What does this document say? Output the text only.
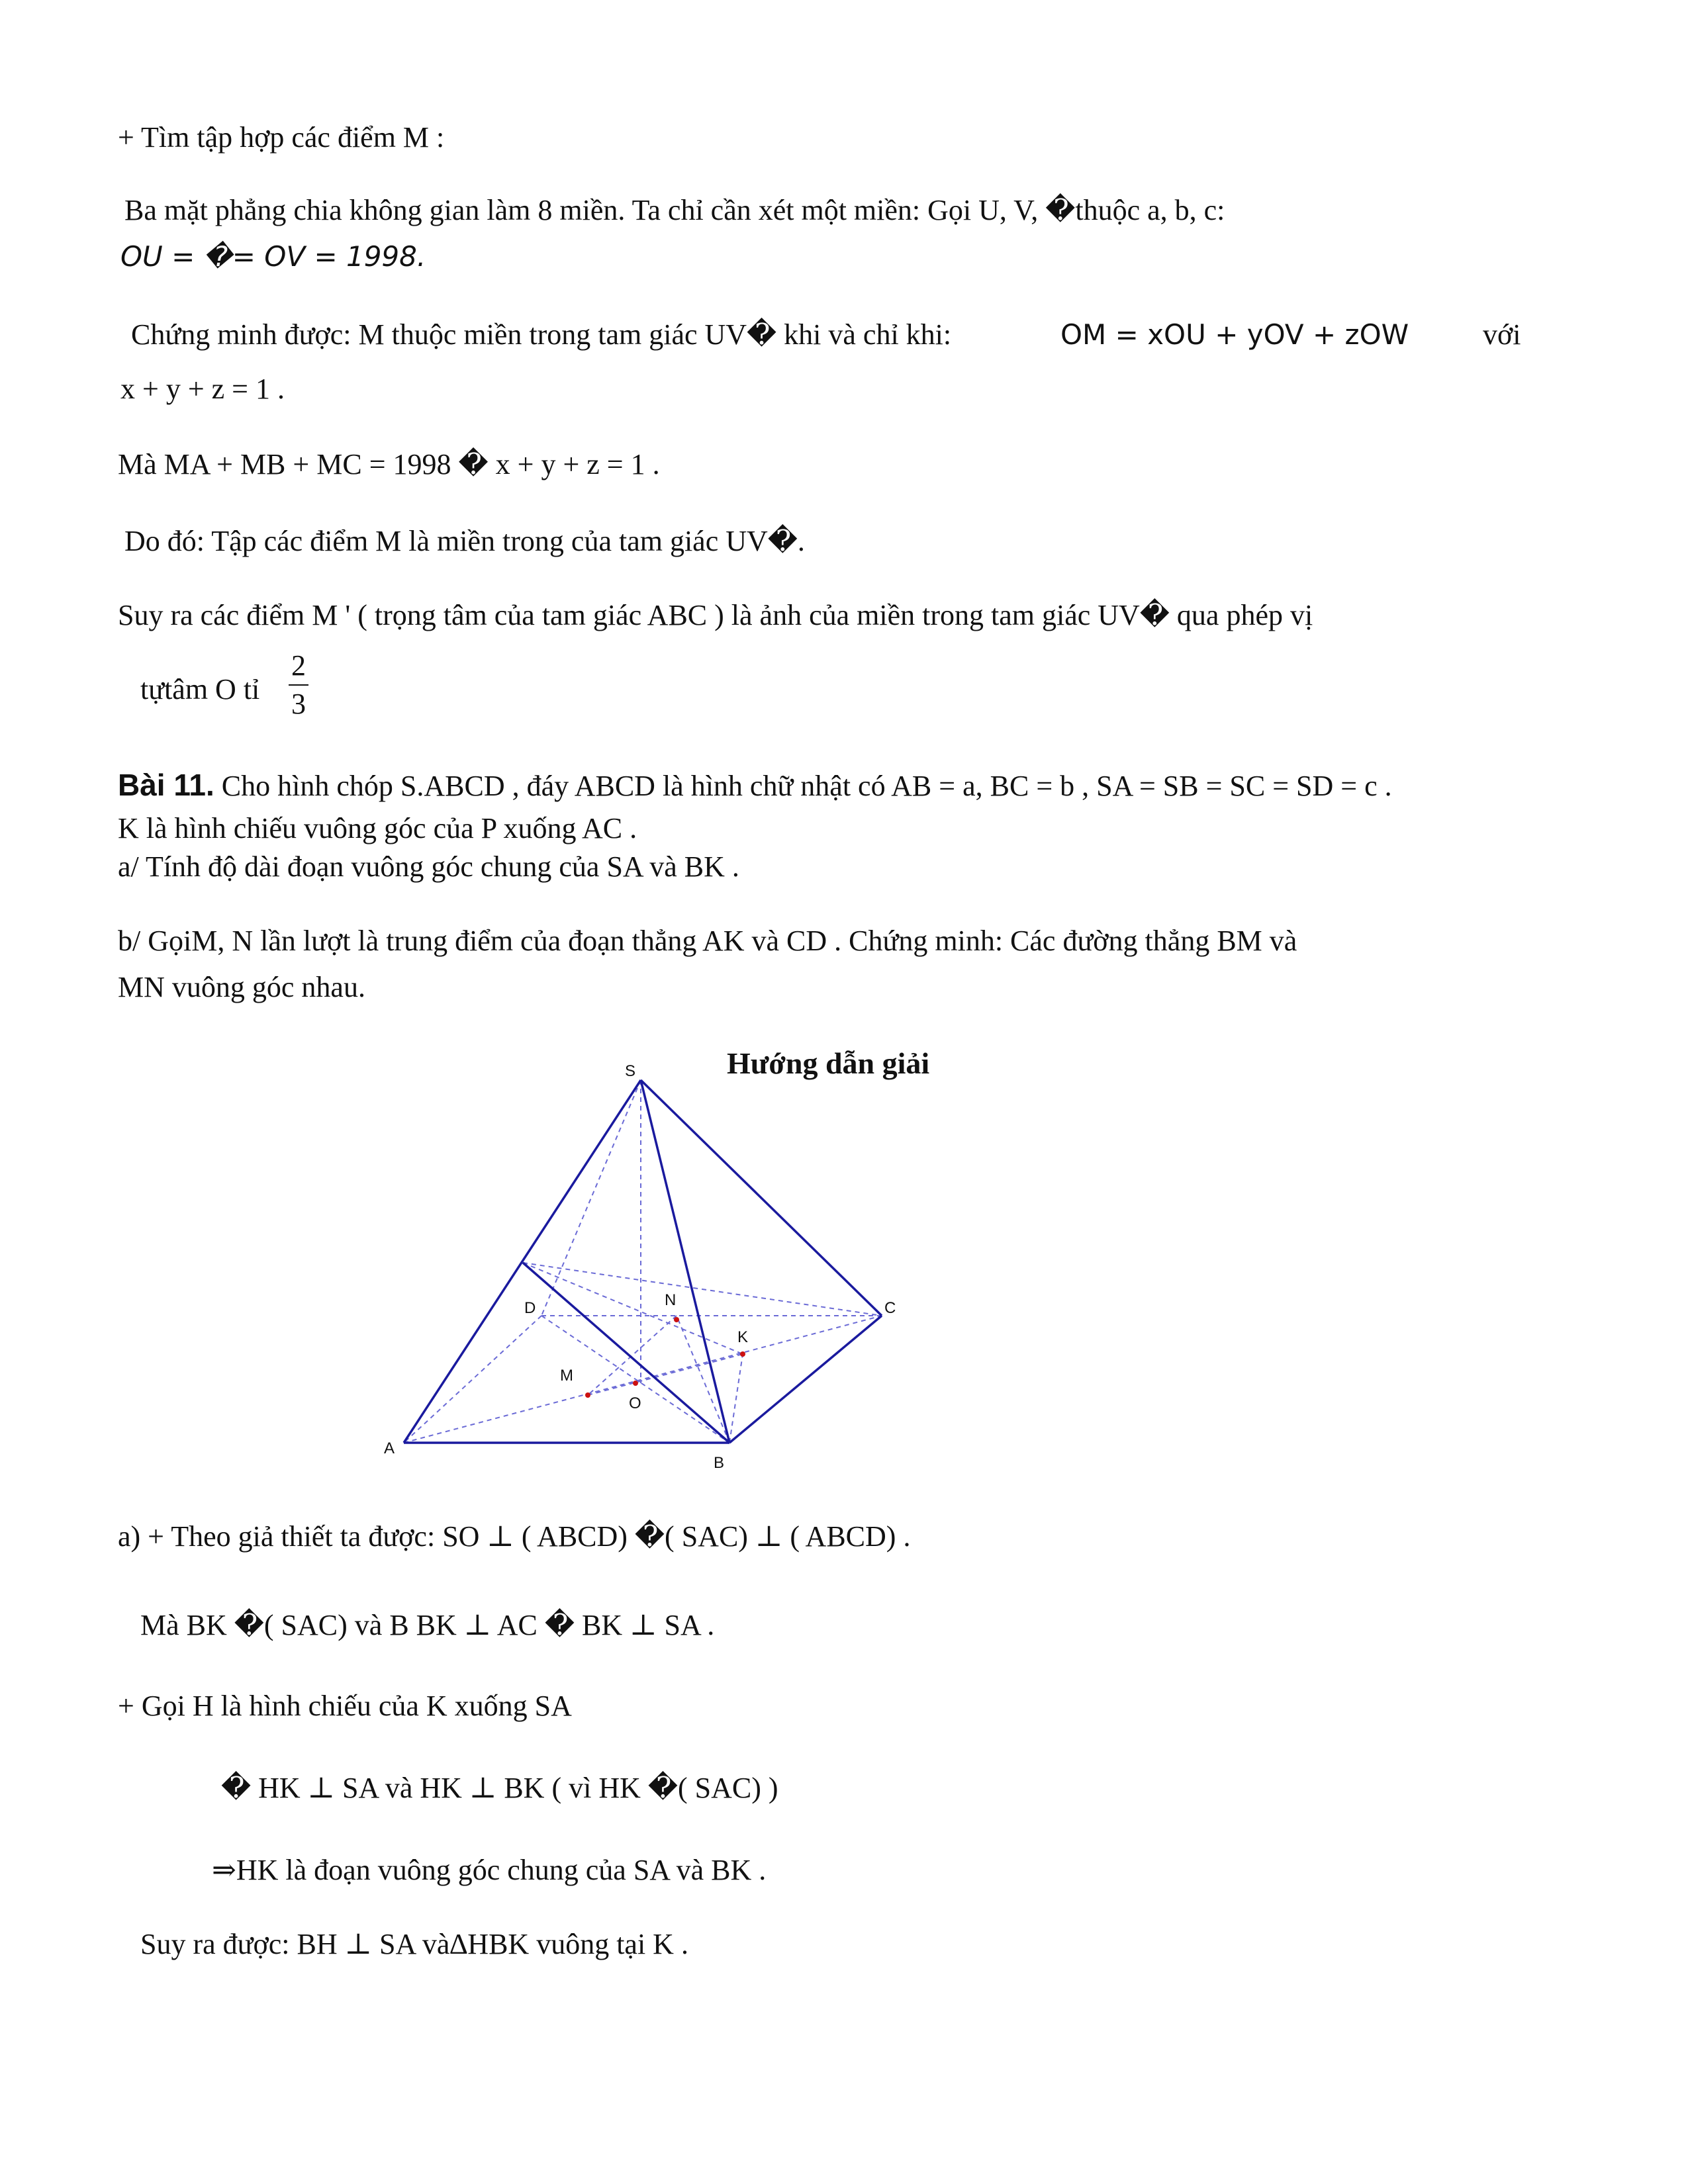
+ Tìm tập hợp các điểm M :
Ba mặt phẳng chia không gian làm 8 miền. Ta chỉ cần xét một miền: Gọi U, V, �thuộc a, b, c:
OU = �= OV = 1998.
Chứng minh được: M thuộc miền trong tam giác UV� khi và chỉ khi:	OM = xOU + yOV + zOW	với
x + y + z = 1 .
Mà MA + MB + MC = 1998 � x + y + z = 1 .
Do đó: Tập các điểm M là miền trong của tam giác UV�.
Suy ra các điểm M ' ( trọng tâm của tam giác ABC ) là ảnh của miền trong tam giác UV� qua phép vị
tựtâm O tỉ
2
3
Bài 11. Cho hình chóp S.ABCD , đáy ABCD là hình chữ nhật có AB = a, BC = b , SA = SB = SC = SD = c .
K là hình chiếu vuông góc của P xuống AC .
a/ Tính độ dài đoạn vuông góc chung của SA và BK .
b/ GọiM, N lần lượt là trung điểm của đoạn thẳng AK và CD . Chứng minh: Các đường thẳng BM và
MN vuông góc nhau.
Hướng dẫn giải
S
D	N	C
K
M
O
A
B
a) + Theo giả thiết ta được: SO ⊥ ( ABCD) �( SAC) ⊥ ( ABCD) .
Mà BK �( SAC) và B BK ⊥ AC � BK ⊥ SA .
+ Gọi H là hình chiếu của K xuống SA
� HK ⊥ SA và HK ⊥ BK ( vì HK �( SAC) )
⇒HK là đoạn vuông góc chung của SA và BK .
Suy ra được: BH ⊥ SA và∆HBK vuông tại K .
